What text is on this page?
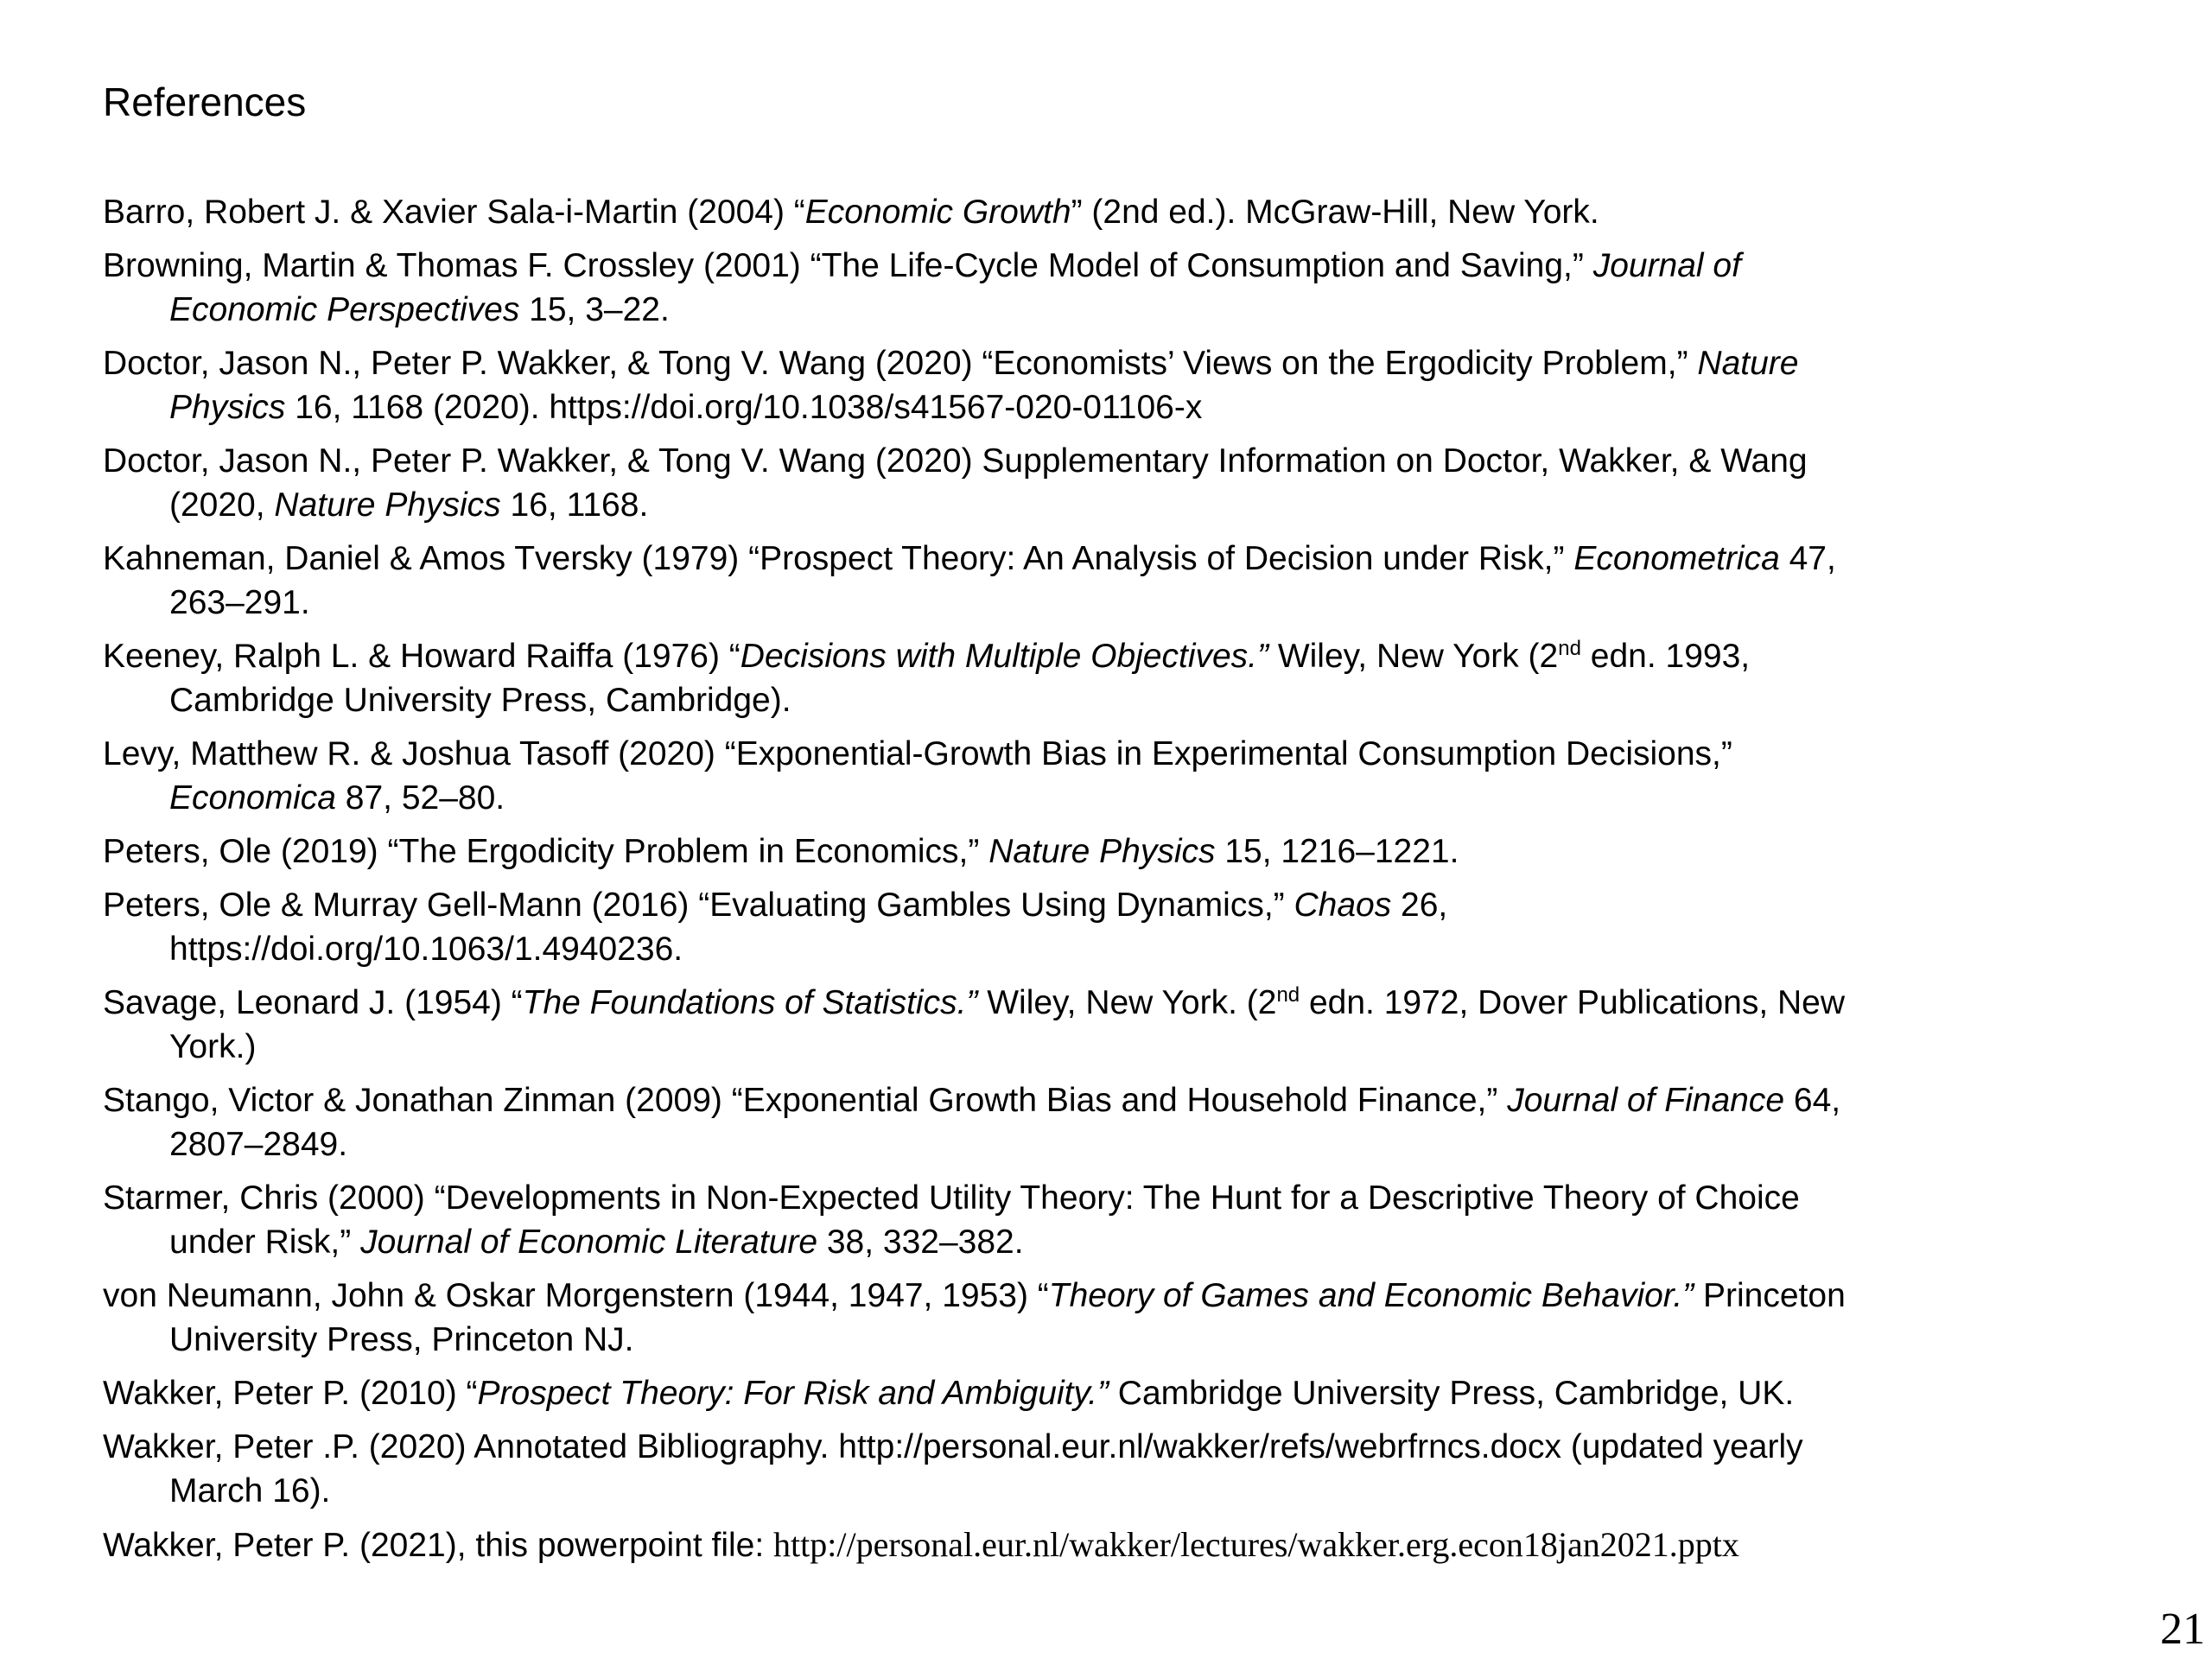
References
Barro, Robert J. & Xavier Sala-i-Martin (2004) “Economic Growth” (2nd ed.). McGraw-Hill, New York.
Browning, Martin & Thomas F. Crossley (2001) “The Life-Cycle Model of Consumption and Saving,” Journal of
Economic Perspectives 15, 3–22.
Doctor, Jason N., Peter P. Wakker, & Tong V. Wang (2020) “Economists’ Views on the Ergodicity Problem,” Nature
Physics 16, 1168 (2020). https://doi.org/10.1038/s41567-020-01106-x
Doctor, Jason N., Peter P. Wakker, & Tong V. Wang (2020) Supplementary Information on Doctor, Wakker, & Wang
(2020, Nature Physics 16, 1168.
Kahneman, Daniel & Amos Tversky (1979) “Prospect Theory: An Analysis of Decision under Risk,” Econometrica 47,
263–291.
Keeney, Ralph L. & Howard Raiffa (1976) “Decisions with Multiple Objectives.” Wiley, New York (2nd edn. 1993,
Cambridge University Press, Cambridge).
Levy, Matthew R. & Joshua Tasoff (2020) “Exponential-Growth Bias in Experimental Consumption Decisions,”
Economica 87, 52–80.
Peters, Ole (2019) “The Ergodicity Problem in Economics,” Nature Physics 15, 1216–1221.
Peters, Ole & Murray Gell-Mann (2016) “Evaluating Gambles Using Dynamics,” Chaos 26,
https://doi.org/10.1063/1.4940236.
Savage, Leonard J. (1954) “The Foundations of Statistics.” Wiley, New York. (2nd edn. 1972, Dover Publications, New
York.)
Stango, Victor & Jonathan Zinman (2009) “Exponential Growth Bias and Household Finance,” Journal of Finance 64,
2807–2849.
Starmer, Chris (2000) “Developments in Non-Expected Utility Theory: The Hunt for a Descriptive Theory of Choice
under Risk,” Journal of Economic Literature 38, 332–382.
von Neumann, John & Oskar Morgenstern (1944, 1947, 1953) “Theory of Games and Economic Behavior.” Princeton
University Press, Princeton NJ.
Wakker, Peter P. (2010) “Prospect Theory: For Risk and Ambiguity.” Cambridge University Press, Cambridge, UK.
Wakker, Peter .P. (2020) Annotated Bibliography. http://personal.eur.nl/wakker/refs/webrfrncs.docx (updated yearly
March 16).
Wakker, Peter P. (2021), this powerpoint file: http://personal.eur.nl/wakker/lectures/wakker.erg.econ18jan2021.pptx
21
